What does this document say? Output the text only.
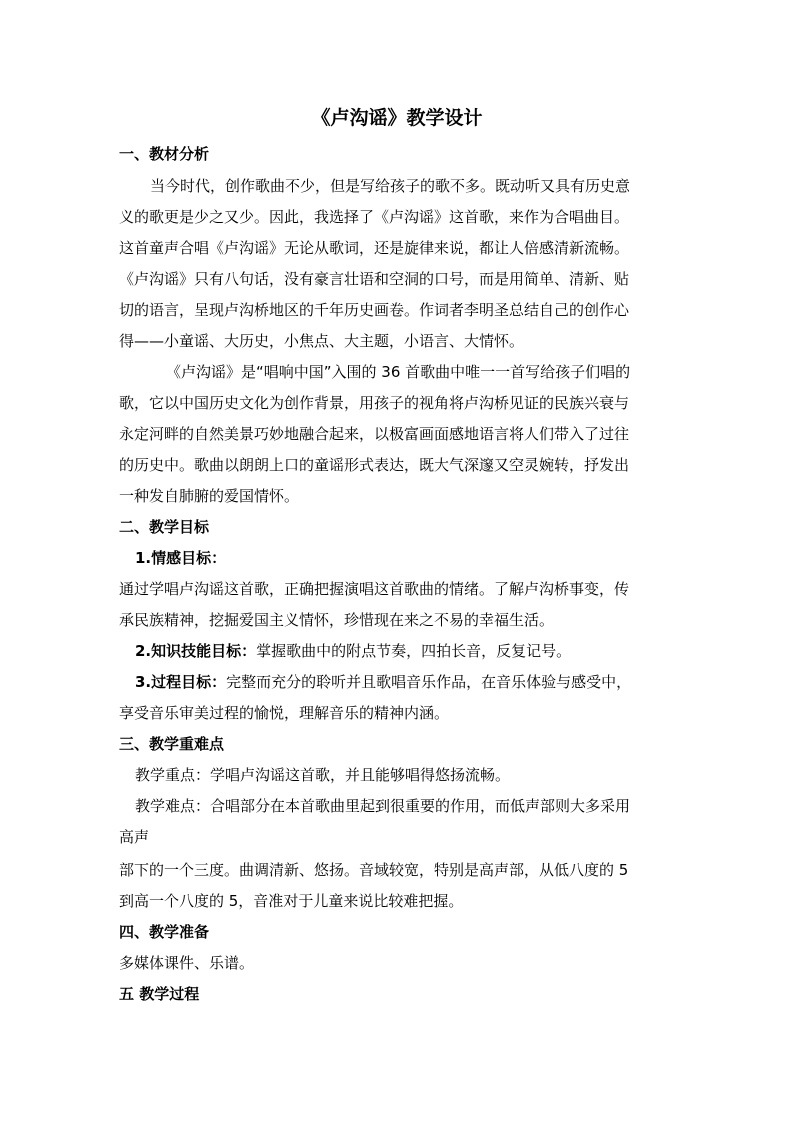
《卢沟谣》教学设计
一、教材分析
当今时代，创作歌曲不少，但是写给孩子的歌不多。既动听又具有历史意
义的歌更是少之又少。因此，我选择了《卢沟谣》这首歌，来作为合唱曲目。
这首童声合唱《卢沟谣》无论从歌词，还是旋律来说，都让人倍感清新流畅。
《卢沟谣》只有八句话，没有豪言壮语和空洞的口号，而是用简单、清新、贴
切的语言，呈现卢沟桥地区的千年历史画卷。作词者李明圣总结自己的创作心
得——小童谣、大历史，小焦点、大主题，小语言、大情怀。
《卢沟谣》是“唱响中国”入围的 36 首歌曲中唯一一首写给孩子们唱的
歌，它以中国历史文化为创作背景，用孩子的视角将卢沟桥见证的民族兴衰与
永定河畔的自然美景巧妙地融合起来，以极富画面感地语言将人们带入了过往
的历史中。歌曲以朗朗上口的童谣形式表达，既大气深邃又空灵婉转，抒发出
一种发自肺腑的爱国情怀。
二、教学目标
1.情感目标：
通过学唱卢沟谣这首歌，正确把握演唱这首歌曲的情绪。了解卢沟桥事变，传
承民族精神，挖掘爱国主义情怀，珍惜现在来之不易的幸福生活。
2.知识技能目标：掌握歌曲中的附点节奏，四拍长音，反复记号。
3.过程目标：完整而充分的聆听并且歌唱音乐作品，在音乐体验与感受中，
享受音乐审美过程的愉悦，理解音乐的精神内涵。
三、教学重难点
教学重点：学唱卢沟谣这首歌，并且能够唱得悠扬流畅。
教学难点：合唱部分在本首歌曲里起到很重要的作用，而低声部则大多采用
高声
部下的一个三度。曲调清新、悠扬。音域较宽，特别是高声部，从低八度的 5
到高一个八度的 5，音准对于儿童来说比较难把握。
四、教学准备
多媒体课件、乐谱。
五 教学过程
